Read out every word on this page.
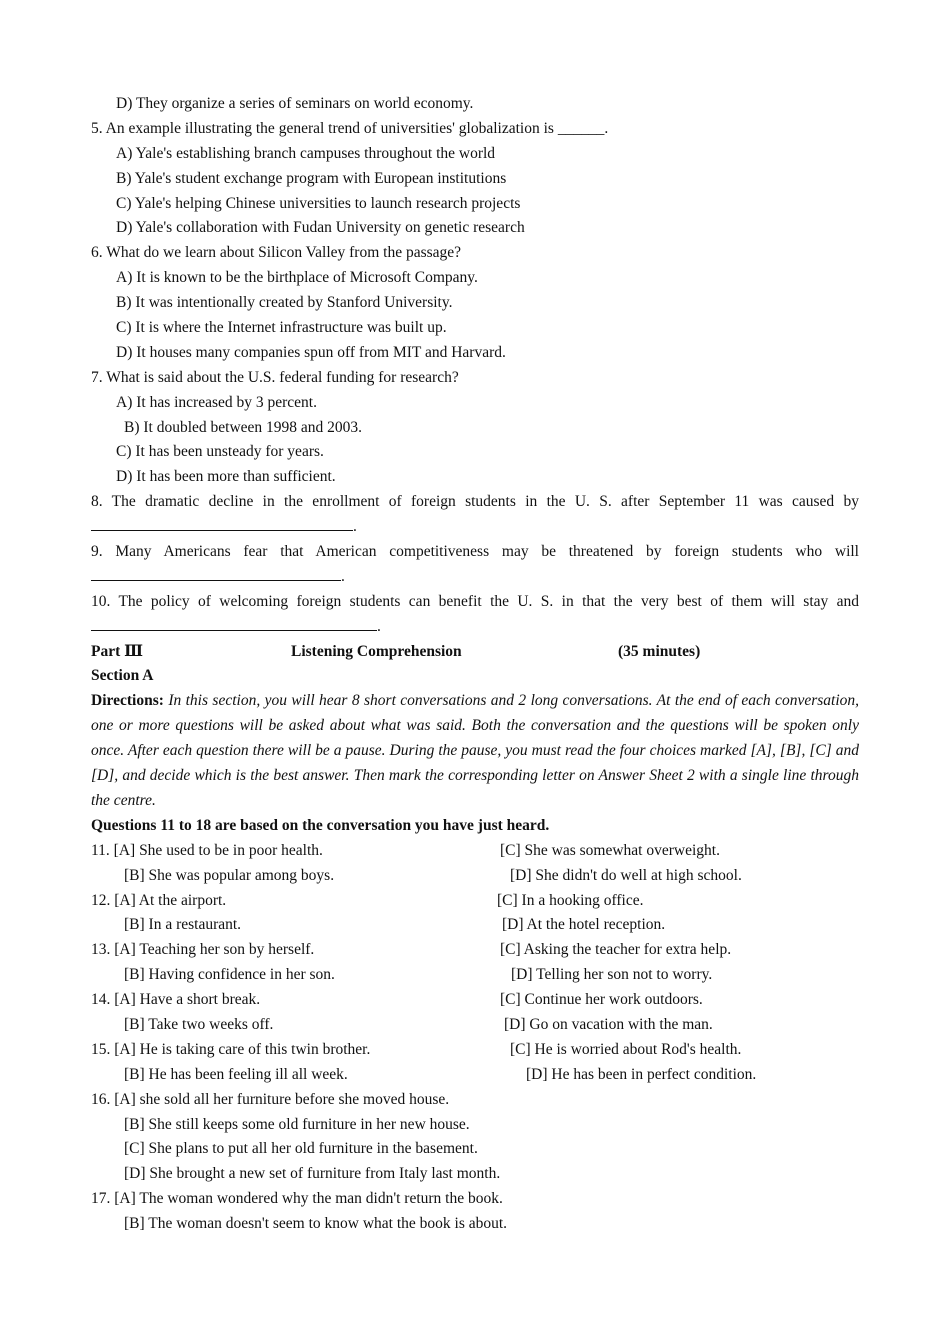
D) They organize a series of seminars on world economy.
5. An example illustrating the general trend of universities' globalization is ______.
A) Yale's establishing branch campuses throughout the world
B) Yale's student exchange program with European institutions
C) Yale's helping Chinese universities to launch research projects
D) Yale's collaboration with Fudan University on genetic research
6. What do we learn about Silicon Valley from the passage?
A) It is known to be the birthplace of Microsoft Company.
B) It was intentionally created by Stanford University.
C) It is where the Internet infrastructure was built up.
D) It houses many companies spun off from MIT and Harvard.
7. What is said about the U.S. federal funding for research?
A) It has increased by 3 percent.
B) It doubled between 1998 and 2003.
C) It has been unsteady for years.
D) It has been more than sufficient.
8. The dramatic decline in the enrollment of foreign students in the U. S. after September 11 was caused by
.
9. Many Americans fear that American competitiveness may be threatened by foreign students who will
.
10. The policy of welcoming foreign students can benefit the U. S. in that the very best of them will stay and
.
Part Ⅲ	Listening Comprehension	(35 minutes)
Section A
Directions: In this section, you will hear 8 short conversations and 2 long conversations. At the end of each conversation, one or more questions will be asked about what was said. Both the conversation and the questions will be spoken only once. After each question there will be a pause. During the pause, you must read the four choices marked [A], [B], [C] and [D], and decide which is the best answer. Then mark the corresponding letter on Answer Sheet 2 with a single line through the centre.
Questions 11 to 18 are based on the conversation you have just heard.
11. [A] She used to be in poor health.	[C] She was somewhat overweight.
[B] She was popular among boys.	[D] She didn't do well at high school.
12. [A] At the airport.	[C] In a hooking office.
[B] In a restaurant.	[D] At the hotel reception.
13. [A] Teaching her son by herself.	[C] Asking the teacher for extra help.
[B] Having confidence in her son.	[D] Telling her son not to worry.
14. [A] Have a short break.	[C] Continue her work outdoors.
[B] Take two weeks off.	[D] Go on vacation with the man.
15. [A] He is taking care of this twin brother.	[C] He is worried about Rod's health.
[B] He has been feeling ill all week.	[D] He has been in perfect condition.
16. [A] she sold all her furniture before she moved house.
[B] She still keeps some old furniture in her new house.
[C] She plans to put all her old furniture in the basement.
[D] She brought a new set of furniture from Italy last month.
17. [A] The woman wondered why the man didn't return the book.
[B] The woman doesn't seem to know what the book is about.
